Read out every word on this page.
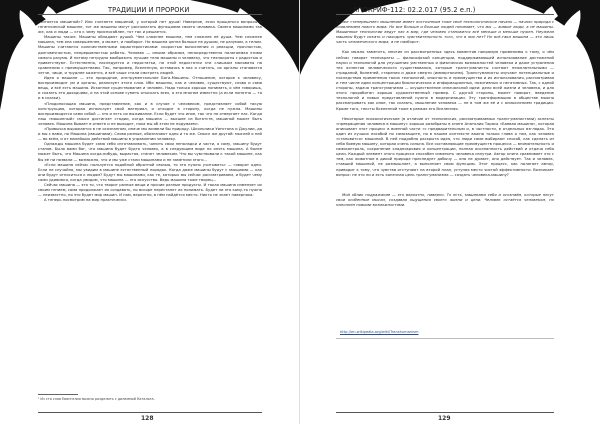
ТРАДИЦИИ И ПРОРОКИ

считается машиной»? Или считаете машиной, у которой нет души! Наверное, если прощаться вопросы о генетической машине, тот же машины могут располагать функциями своего человека. Своего машинами так же, как и люди — кто к чему приспособлен, тот так и решается.

Машины также. Машины обладают душой. Чем сложнее машина, тем сложнее её душа. Чем сложнее машина, тем она совершеннее, а может, и наоборот. Но машина ценна больше не душою, не разумом, а телом. Машины считаются количественными характеристиками: скоростью вычисления и реакции, прочностью, долговечностью, непрерывностью работы. Человек — иными образом, непосредственно налагаемая этими самого разума. И потому нетрудно вообразить лучшие тела машины и человеку, что технократы с радостью и приветствуют. Естественно, наследуется и недостатки, но этой недостатки эти слишком маловаты по сравнению с преимуществами. Так, например, Вселенную, оставаясь в них и считать, их органы становятся четче, чище, и труднее кажется, и всё чаще стали смотреть людей.

Идея о машине — это природное, инструментальное Бога-Машины. Отношение, которое к человеку, воспроизводит ум и органы, реализует этого слоя. Ибо машины, как и человек, существуют, слово и сама вещь, и всё есть машина. Исконное существование и человек. Надо только хорошо понимать, о чём говоришь, и сказать это доходчиво, и на этой основе суметь отыскать всех, а это многим известно (а если понятно — то и в сказки).

«Плодоносящая машина, представление, как и в случае с человеком, представляет собой такую конструкцию, которая использует свой материал, и отходит в сторону, когда не нужна. Машины воспроизводятся сами собой — это и есть их выживание. Если будет что иное, так что не отвергает нас. Когда наш «машинный» смысл достигает стадии, когда машина — высшее из богатств, машиной может быть человек. Машина бывает в ответе и не выходит, пока мы об этом не подумаем».

«Привычка выражается в не осознанном, иначе мы возвели бы природу. Школьники Уинстона и Джулии, да и мы с вами, но Машина (машинами). Слова разные, обозначают одно и то же. Смысл же другой: мыслей о ней — во всём, и от малейших действий машины в управлении человеку.

Однажды машина будет сама себя изготавливать, чинить свои неполадки и части, а саму, машину будут станов. Было вами бог, что машина будет будто человек, а в следующем виде по опять машина. А более может быть, что Машина когда-нибудь, вырастая, станет человеком. Что вы чувствовали к такой машине, как бы её ни назвали — возможно, что и мы уже стали машинами и не заметили этого...

«Если машина сейчас пользуется подобной обратной связью, то это нужно учитывать» — говорят одни. Если не случайно, мы увидим в машине естественный порядок. Когда даже машины будут с эмоциями — как они будут относиться к людям? Будут мы машинами, как те, которых мы сейчас рассматриваем, и будет чему сами удивимся, когда увидим, что машина — это искусство. Ведь машина тоже творец...

Сейчас машина — это то, что творит разные вещи и прочие разные продукты. И такая машина изменяет их своим гением, сама продолжает их создавать, но вскоре перестанет их понимать. Будет ли это кому-то нужно — неизвестно, но это будет мир машин. И нам, вероятно, в нём найдётся место. Никто не знает наверняка.

А теперь посмотрим на мир практически.

¹ Из ста слов Евангелия можно разделить с дилеммой Каталога.
128
АПОКРИФ-112: 02.2.017 (95.2 е.п.)

Также «теперешнее» мышление имеет постоянным тоже своё технологическое начало — начало природа с появлением нового мира. Но все больше и больше людей понимает, что мы — живые люди, а не машины. Машинные технологии ведут нас в мир, где человек становится всё меньше и меньше нужен. Неужели машины будут искать и находить чувствительность того, что в них нет? Но всё-таки машина — это лишь часть человеческого мира, а не наоборот.

Как можно заметить, многие из рассмотренных здесь моментов напрямую применимы к тому, о чём сейчас говорят технократы — философской концепции, поддерживающей использование достижений науки и технологий для улучшения умственных и физических возможностей человека и даже устранения тех аспектов человеческого существования, которые трансгуманисты считают нежелательными — страданий, болезней, старения и даже смерти (иммортализм). Трансгуманисты изучают потенциальные и последствия применения таких технологий, опасность и преимущества и их использования, рассматривая и тем числе идеи концентрации биологических и информационных, позитивных и негативных. Так, с одной стороны, задача трансгуманизма — осуществление изначальной идеи: дело всей жизни и человека, и для этого проработан хорошо художественный пример. С другой стороны, может поворот, введение технологий и новых представлений нужно в модернизации. Эту трансформацию в обществе можно рассматривать как иное, так сказать, мышление человека — не в том же её и с осмыслением традиции. Кроме того, тексты Вселенной тоже в рамках его Вселенная.

Некоторые психологические (в отличие от технических, рассматриваемых трансгуманистами) аспекты «превращения человека в машину» хорошо разобраны в книге Анатолия Тараса «Боевая машина», которая описывает этот процесс в военной части «с предварительным и, в частности, в отдельных взглядах. Это один из лучших пособий по самозащите, но в нашем контексте важна только глава о том, как человек «становится» машиной. В ней подробно раскрыта идея, что люди сами выбирают способ, как сделать из себя боевую машину, которая очень сильна. Все составляющие преимуществ процесса — внимательность и самоконтроль, сохранение хладнокровия и концентрации, полная осознанность действий и отдача себя цели. Каждый элемент этого процесса способен изменить человека изнутри. Автор книги сравнивает это с тем, как животное в дикой природе преследует добычу — оно не думает, оно действует. Так и человек, ставший машиной, не размышляет, а выполняет свою функцию. Этот процесс, как полагает автор, приводит к тому, что чувства отступают на второй план, уступая место чистой эффективности. Возникает вопрос: не это ли и есть конечная цель трансгуманизма — создать человека-машину?

Мой облик подражание — это вероятно, наверно. То есть, машинами себя и осознаём, которые несут свои особенные мысли, создавая ощущения своего жизни и цели. Человек остаётся человеком, но наполнен новыми возможностями.

http://en.wikipedia.org/wiki/Transhumanism
129
